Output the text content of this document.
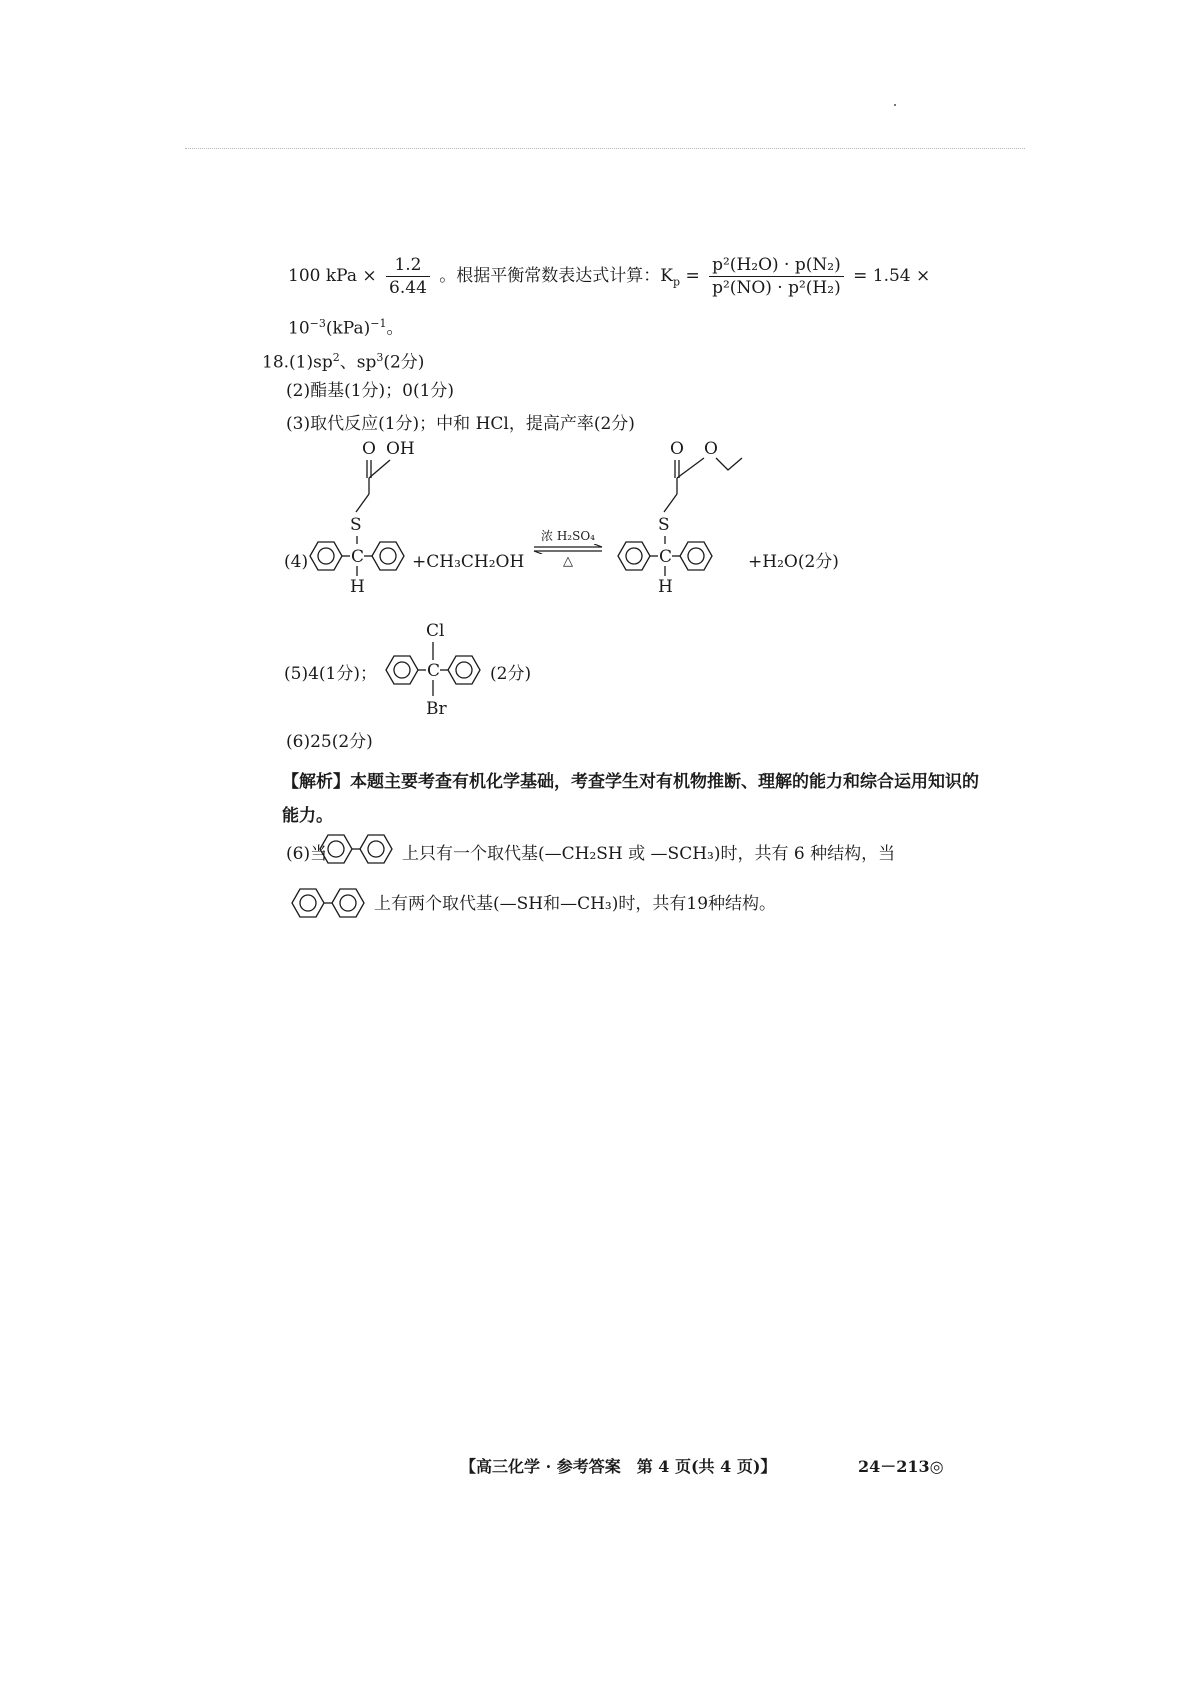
100 kPa × $\frac{1.2}{6.44}$ 。根据平衡常数表达式计算：$K_p = \frac{\text{p²(H₂O) · p(N₂)}}{\text{p²(NO) · p²(H₂)}} = 1.54$ ×
$10^{-3}(kPa)^{-1}$。
$18.(1)sp^2$、$sp^3(2$分)
(2)酯基(1分)；0(1分)
(3)取代反应(1分)；中和 HCl，提高产率(2分)
(4)
O OH
S
C
H
+CH₃CH₂OH
浓 H₂SO₄
△
O O
S
C
H
+H₂O(2分)
(5)4(1分)；
Cl
C
Br
(2分)
(6)25(2分)
【解析】本题主要考查有机化学基础，考查学生对有机物推断、理解的能力和综合运用知识的
能力。
(6)当	上只有一个取代基(—CH₂SH 或 —SCH₃)时，共有 6 种结构，当
上有两个取代基(—SH和—CH₃)时，共有19种结构。
【高三化学 · 参考答案　第 4 页(共 4 页)】	24－213◎
